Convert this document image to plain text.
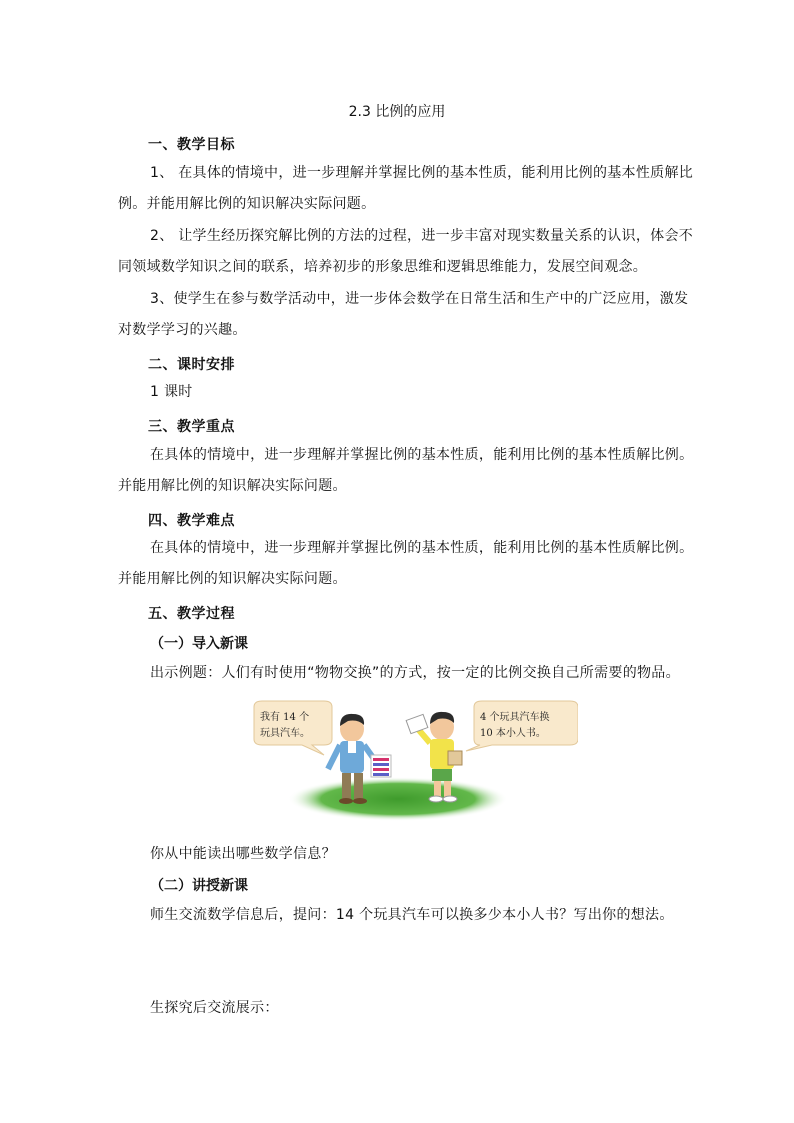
2.3 比例的应用
一、教学目标
1、 在具体的情境中，进一步理解并掌握比例的基本性质，能利用比例的基本性质解比
例。并能用解比例的知识解决实际问题。
2、 让学生经历探究解比例的方法的过程，进一步丰富对现实数量关系的认识，体会不
同领域数学知识之间的联系，培养初步的形象思维和逻辑思维能力，发展空间观念。
3、使学生在参与数学活动中，进一步体会数学在日常生活和生产中的广泛应用，激发
对数学学习的兴趣。
二、课时安排
1 课时
三、教学重点
在具体的情境中，进一步理解并掌握比例的基本性质，能利用比例的基本性质解比例。
并能用解比例的知识解决实际问题。
四、教学难点
在具体的情境中，进一步理解并掌握比例的基本性质，能利用比例的基本性质解比例。
并能用解比例的知识解决实际问题。
五、教学过程
（一）导入新课
出示例题：人们有时使用“物物交换”的方式，按一定的比例交换自己所需要的物品。
我有 14 个
玩具汽车。
4 个玩具汽车换
10 本小人书。
你从中能读出哪些数学信息？
（二）讲授新课
师生交流数学信息后，提问：14 个玩具汽车可以换多少本小人书？写出你的想法。
生探究后交流展示：
